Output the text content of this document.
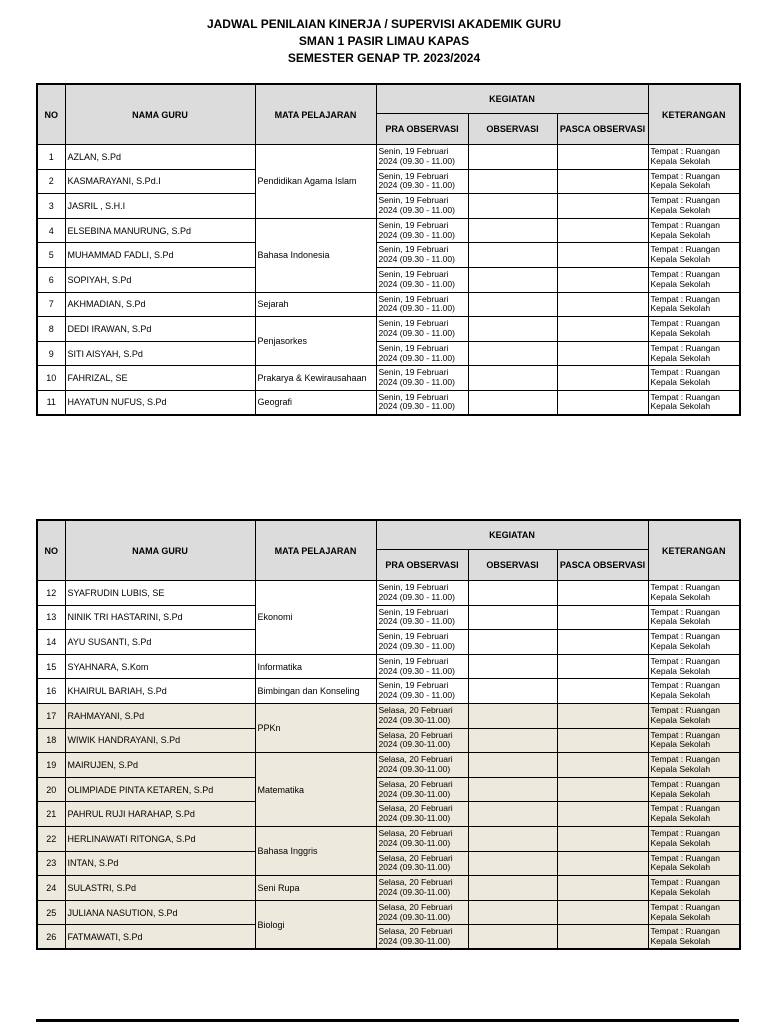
JADWAL PENILAIAN KINERJA / SUPERVISI AKADEMIK GURU
SMAN 1 PASIR LIMAU KAPAS
SEMESTER GENAP TP. 2023/2024
NO	NAMA GURU	MATA PELAJARAN	KEGIATAN			KETERANGAN
			PRA OBSERVASI	OBSERVASI	PASCA OBSERVASI	
1	AZLAN, S.Pd	Pendidikan Agama Islam	Senin, 19 Februari 2024 (09.30 - 11.00)			Tempat : Ruangan Kepala Sekolah
2	KASMARAYANI, S.Pd.I		Senin, 19 Februari 2024 (09.30 - 11.00)			Tempat : Ruangan Kepala Sekolah
3	JASRIL , S.H.I		Senin, 19 Februari 2024 (09.30 - 11.00)			Tempat : Ruangan Kepala Sekolah
4	ELSEBINA MANURUNG, S.Pd	Bahasa Indonesia	Senin, 19 Februari 2024 (09.30 - 11.00)			Tempat : Ruangan Kepala Sekolah
5	MUHAMMAD FADLI, S.Pd		Senin, 19 Februari 2024 (09.30 - 11.00)			Tempat : Ruangan Kepala Sekolah
6	SOPIYAH, S.Pd		Senin, 19 Februari 2024 (09.30 - 11.00)			Tempat : Ruangan Kepala Sekolah
7	AKHMADIAN, S.Pd	Sejarah	Senin, 19 Februari 2024 (09.30 - 11.00)			Tempat : Ruangan Kepala Sekolah
8	DEDI IRAWAN, S.Pd	Penjasorkes	Senin, 19 Februari 2024 (09.30 - 11.00)			Tempat : Ruangan Kepala Sekolah
9	SITI AISYAH, S.Pd		Senin, 19 Februari 2024 (09.30 - 11.00)			Tempat : Ruangan Kepala Sekolah
10	FAHRIZAL, SE	Prakarya & Kewirausahaan	Senin, 19 Februari 2024 (09.30 - 11.00)			Tempat : Ruangan Kepala Sekolah
11	HAYATUN NUFUS, S.Pd	Geografi	Senin, 19 Februari 2024 (09.30 - 11.00)			Tempat : Ruangan Kepala Sekolah
NO	NAMA GURU	MATA PELAJARAN	KEGIATAN			KETERANGAN
			PRA OBSERVASI	OBSERVASI	PASCA OBSERVASI	
12	SYAFRUDIN LUBIS, SE	Ekonomi	Senin, 19 Februari 2024 (09.30 - 11.00)			Tempat : Ruangan Kepala Sekolah
13	NINIK TRI HASTARINI, S.Pd		Senin, 19 Februari 2024 (09.30 - 11.00)			Tempat : Ruangan Kepala Sekolah
14	AYU SUSANTI, S.Pd		Senin, 19 Februari 2024 (09.30 - 11.00)			Tempat : Ruangan Kepala Sekolah
15	SYAHNARA, S.Kom	Informatika	Senin, 19 Februari 2024 (09.30 - 11.00)			Tempat : Ruangan Kepala Sekolah
16	KHAIRUL BARIAH, S.Pd	Bimbingan dan Konseling	Senin, 19 Februari 2024 (09.30 - 11.00)			Tempat : Ruangan Kepala Sekolah
17	RAHMAYANI, S.Pd	PPKn	Selasa, 20 Februari 2024 (09.30-11.00)			Tempat : Ruangan Kepala Sekolah
18	WIWIK HANDRAYANI, S.Pd		Selasa, 20 Februari 2024 (09.30-11.00)			Tempat : Ruangan Kepala Sekolah
19	MAIRUJEN, S.Pd	Matematika	Selasa, 20 Februari 2024 (09.30-11.00)			Tempat : Ruangan Kepala Sekolah
20	OLIMPIADE PINTA KETAREN, S.Pd		Selasa, 20 Februari 2024 (09.30-11.00)			Tempat : Ruangan Kepala Sekolah
21	PAHRUL RUJI HARAHAP, S.Pd		Selasa, 20 Februari 2024 (09.30-11.00)			Tempat : Ruangan Kepala Sekolah
22	HERLINAWATI RITONGA, S.Pd	Bahasa Inggris	Selasa, 20 Februari 2024 (09.30-11.00)			Tempat : Ruangan Kepala Sekolah
23	INTAN, S.Pd		Selasa, 20 Februari 2024 (09.30-11.00)			Tempat : Ruangan Kepala Sekolah
24	SULASTRI, S.Pd	Seni Rupa	Selasa, 20 Februari 2024 (09.30-11.00)			Tempat : Ruangan Kepala Sekolah
25	JULIANA NASUTION, S.Pd	Biologi	Selasa, 20 Februari 2024 (09.30-11.00)			Tempat : Ruangan Kepala Sekolah
26	FATMAWATI, S.Pd		Selasa, 20 Februari 2024 (09.30-11.00)			Tempat : Ruangan Kepala Sekolah
